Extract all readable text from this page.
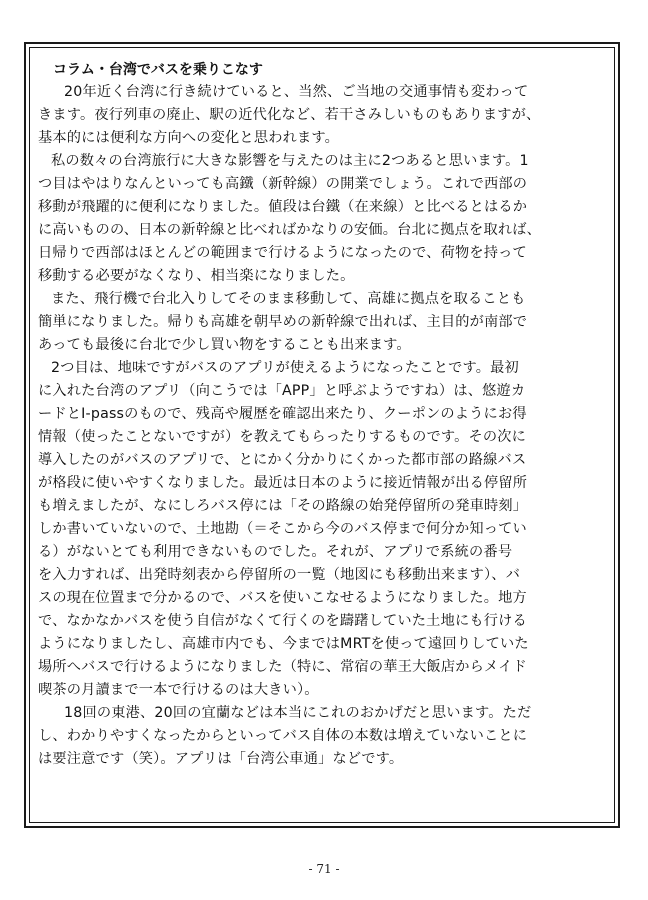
コラム・台湾でバスを乗りこなす

20年近く台湾に行き続けていると、当然、ご当地の交通事情も変わって
きます。夜行列車の廃止、駅の近代化など、若干さみしいものもありますが、
基本的には便利な方向への変化と思われます。

私の数々の台湾旅行に大きな影響を与えたのは主に2つあると思います。1
つ目はやはりなんといっても高鐵（新幹線）の開業でしょう。これで西部の
移動が飛躍的に便利になりました。値段は台鐵（在来線）と比べるとはるか
に高いものの、日本の新幹線と比べればかなりの安価。台北に拠点を取れば、
日帰りで西部はほとんどの範囲まで行けるようになったので、荷物を持って
移動する必要がなくなり、相当楽になりました。

また、飛行機で台北入りしてそのまま移動して、高雄に拠点を取ることも
簡単になりました。帰りも高雄を朝早めの新幹線で出れば、主目的が南部で
あっても最後に台北で少し買い物をすることも出来ます。

2つ目は、地味ですがバスのアプリが使えるようになったことです。最初
に入れた台湾のアプリ（向こうでは「APP」と呼ぶようですね）は、悠遊カ
ードとI-passのもので、残高や履歴を確認出来たり、クーポンのようにお得
情報（使ったことないですが）を教えてもらったりするものです。その次に
導入したのがバスのアプリで、とにかく分かりにくかった都市部の路線バス
が格段に使いやすくなりました。最近は日本のように接近情報が出る停留所
も増えましたが、なにしろバス停には「その路線の始発停留所の発車時刻」
しか書いていないので、土地勘（＝そこから今のバス停まで何分か知ってい
る）がないとても利用できないものでした。それが、アプリで系統の番号
を入力すれば、出発時刻表から停留所の一覧（地図にも移動出来ます）、バ
スの現在位置まで分かるので、バスを使いこなせるようになりました。地方
で、なかなかバスを使う自信がなくて行くのを躊躇していた土地にも行ける
ようになりましたし、高雄市内でも、今まではMRTを使って遠回りしていた
場所へバスで行けるようになりました（特に、常宿の華王大飯店からメイド
喫茶の月讀まで一本で行けるのは大きい）。

18回の東港、20回の宜蘭などは本当にこれのおかげだと思います。ただ
し、わかりやすくなったからといってバス自体の本数は増えていないことに
は要注意です（笑）。アプリは「台湾公車通」などです。

- 71 -
